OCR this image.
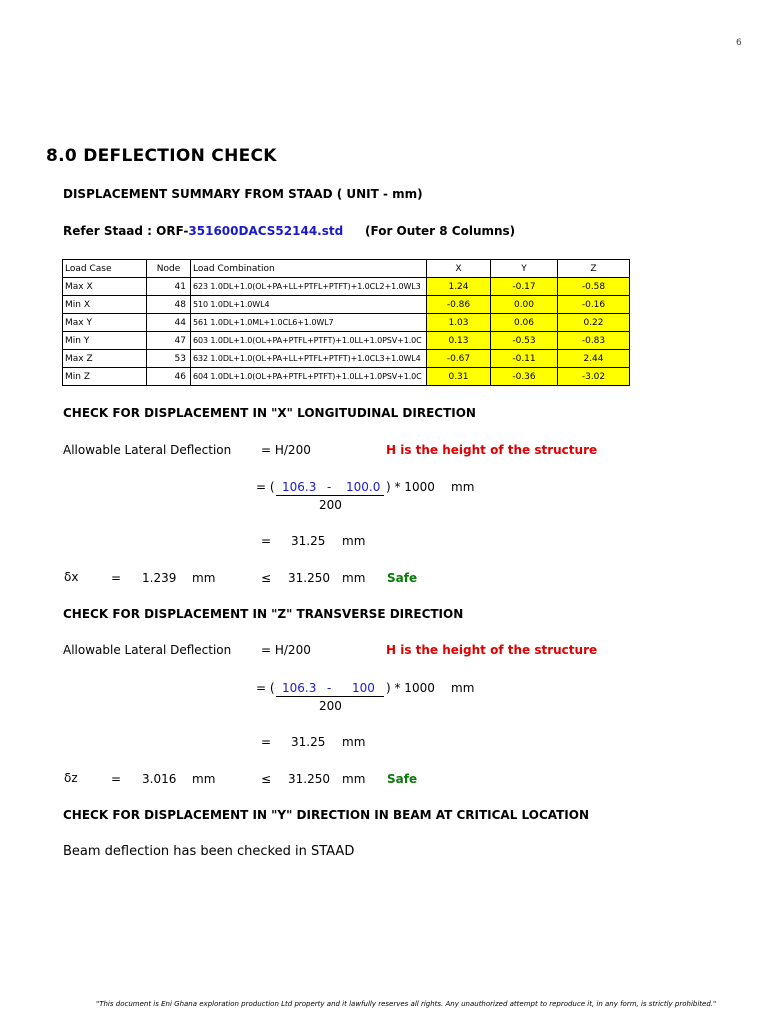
6
8.0 DEFLECTION CHECK
DISPLACEMENT SUMMARY FROM STAAD ( UNIT - mm)
Refer Staad : ORF-351600DACS52144.std (For Outer 8 Columns)
Load Case	Node	Load Combination	X	Y	Z
Max X	41	623 1.0DL+1.0(OL+PA+LL+PTFL+PTFT)+1.0CL2+1.0WL3	1.24	-0.17	-0.58
Min X	48	510 1.0DL+1.0WL4	-0.86	0.00	-0.16
Max Y	44	561 1.0DL+1.0ML+1.0CL6+1.0WL7	1.03	0.06	0.22
Min Y	47	603 1.0DL+1.0(OL+PA+PTFL+PTFT)+1.0LL+1.0PSV+1.0C	0.13	-0.53	-0.83
Max Z	53	632 1.0DL+1.0(OL+PA+LL+PTFL+PTFT)+1.0CL3+1.0WL4	-0.67	-0.11	2.44
Min Z	46	604 1.0DL+1.0(OL+PA+PTFL+PTFT)+1.0LL+1.0PSV+1.0C	0.31	-0.36	-3.02
CHECK FOR DISPLACEMENT IN "X" LONGITUDINAL DIRECTION
Allowable Lateral Deflection = H/200	H is the height of the structure
= ( 106.3 - 100.0 ) * 1000 mm
200
= 31.25 mm
δx	= 1.239 mm	≤ 31.250 mm Safe
CHECK FOR DISPLACEMENT IN "Z" TRANSVERSE DIRECTION
Allowable Lateral Deflection = H/200	H is the height of the structure
= ( 106.3 - 100 ) * 1000 mm
200
= 31.25 mm
δz	= 3.016 mm	≤ 31.250 mm Safe
CHECK FOR DISPLACEMENT IN "Y" DIRECTION IN BEAM AT CRITICAL LOCATION
Beam deflection has been checked in STAAD
"This document is Eni Ghana exploration production Ltd property and it lawfully reserves all rights. Any unauthorized attempt to reproduce it, in any form, is strictly prohibited."
